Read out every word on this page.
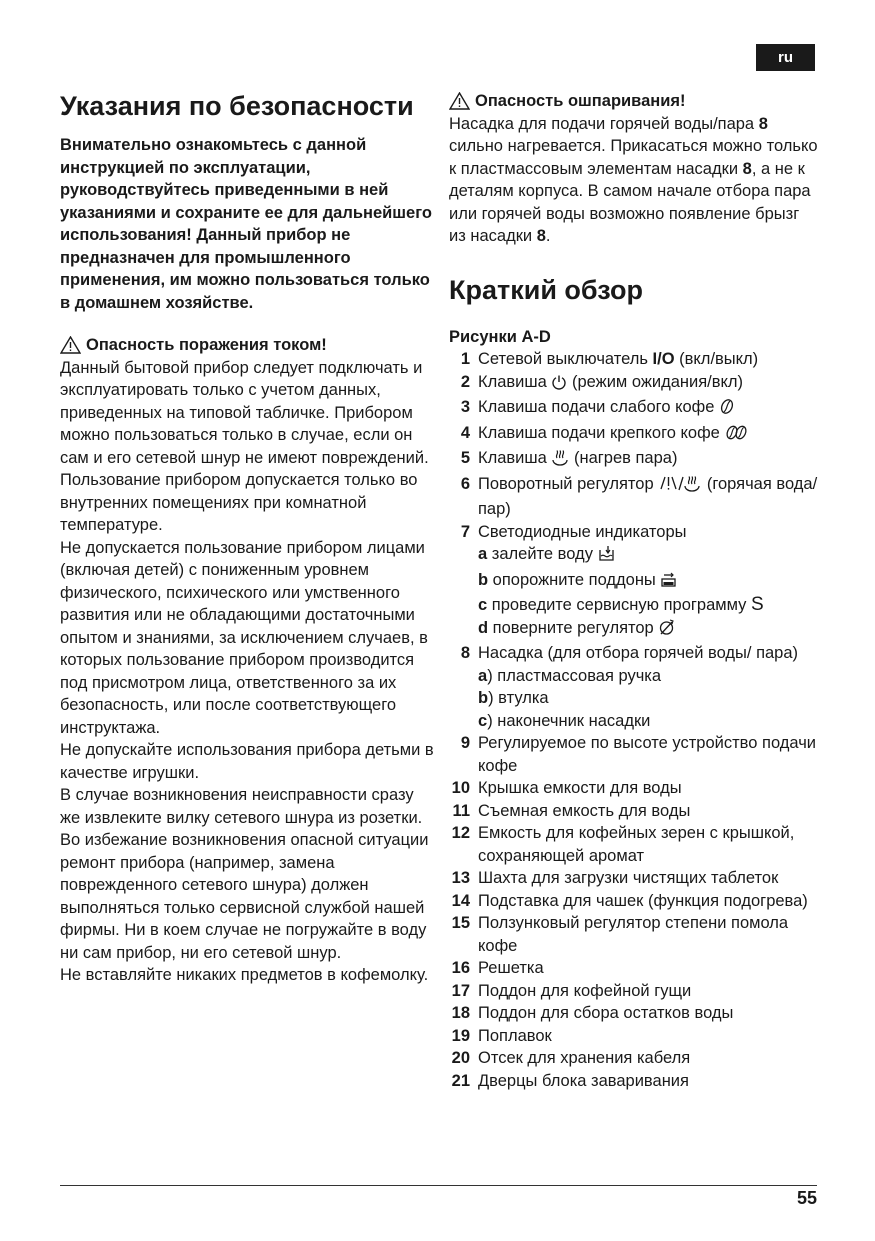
ru
Указания по безопасности

Внимательно ознакомьтесь с данной инструкцией по эксплуатации, руководствуйтесь приведенными в ней указаниями и сохраните ее для дальнейшего использования! Данный прибор не предназначен для промышленного применения, им можно пользоваться только в домашнем хозяйстве.

Опасность поражения током!

Данный бытовой прибор следует подключать и эксплуатировать только с учетом данных, приведенных на типовой табличке. Прибором можно пользоваться только в случае, если он сам и его сетевой шнур не имеют повреждений. Пользование прибором допускается только во внутренних помещениях при комнатной температуре.

Не допускается пользование прибором лицами (включая детей) с пониженным уровнем физического, психического или умственного развития или не обладающими достаточными опытом и знаниями, за исключением случаев, в которых пользование прибором производится под присмотром лица, ответственного за их безопасность, или после соответствующего инструктажа.

Не допускайте использования прибора детьми в качестве игрушки.

В случае возникновения неисправности сразу же извлеките вилку сетевого шнура из розетки. Во избежание возникновения опасной ситуации ремонт прибора (например, замена поврежденного сетевого шнура) должен выполняться только сервисной службой нашей фирмы. Ни в коем случае не погружайте в воду ни сам прибор, ни его сетевой шнур.

Не вставляйте никаких предметов в кофемолку.

Опасность ошпаривания!

Насадка для подачи горячей воды/пара 8 сильно нагревается. Прикасаться можно только к пластмассовым элементам насадки 8, а не к деталям корпуса. В самом начале отбора пара или горячей воды возможно появление брызг из насадки 8.

Краткий обзор

Рисунки A-D

1 Сетевой выключатель I/O (вкл/выкл)
2 Клавиша  (режим ожидания/вкл)
3 Клавиша подачи слабого кофе
4 Клавиша подачи крепкого кофе
5 Клавиша  (нагрев пара)
6 Поворотный регулятор	(горячая вода/пар)
7 Светодиодные индикаторы
a залейте воду
b опорожните поддоны
c проведите сервисную программу S
d поверните регулятор
8 Насадка (для отбора горячей воды/ пара)
a) пластмассовая ручка
b) втулка
c) наконечник насадки
9 Регулируемое по высоте устройство подачи кофе
10 Крышка емкости для воды
11 Съемная емкость для воды
12 Емкость для кофейных зерен с крышкой, сохраняющей аромат
13 Шахта для загрузки чистящих таблеток
14 Подставка для чашек (функция подогрева)
15 Ползунковый регулятор степени помола кофе
16 Решетка
17 Поддон для кофейной гущи
18 Поддон для сбора остатков воды
19 Поплавок
20 Отсек для хранения кабеля
21 Дверцы блока заваривания
55
